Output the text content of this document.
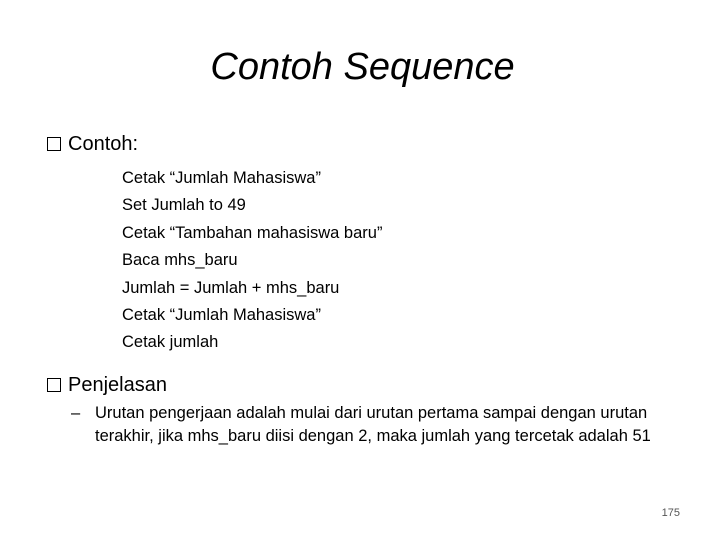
Contoh Sequence
Contoh:
Cetak “Jumlah Mahasiswa”
Set Jumlah to 49
Cetak “Tambahan mahasiswa baru”
Baca mhs_baru
Jumlah = Jumlah + mhs_baru
Cetak “Jumlah Mahasiswa”
Cetak jumlah
Penjelasan
– Urutan pengerjaan adalah mulai dari urutan pertama sampai dengan urutan terakhir, jika mhs_baru diisi dengan 2, maka jumlah yang tercetak adalah 51
175
